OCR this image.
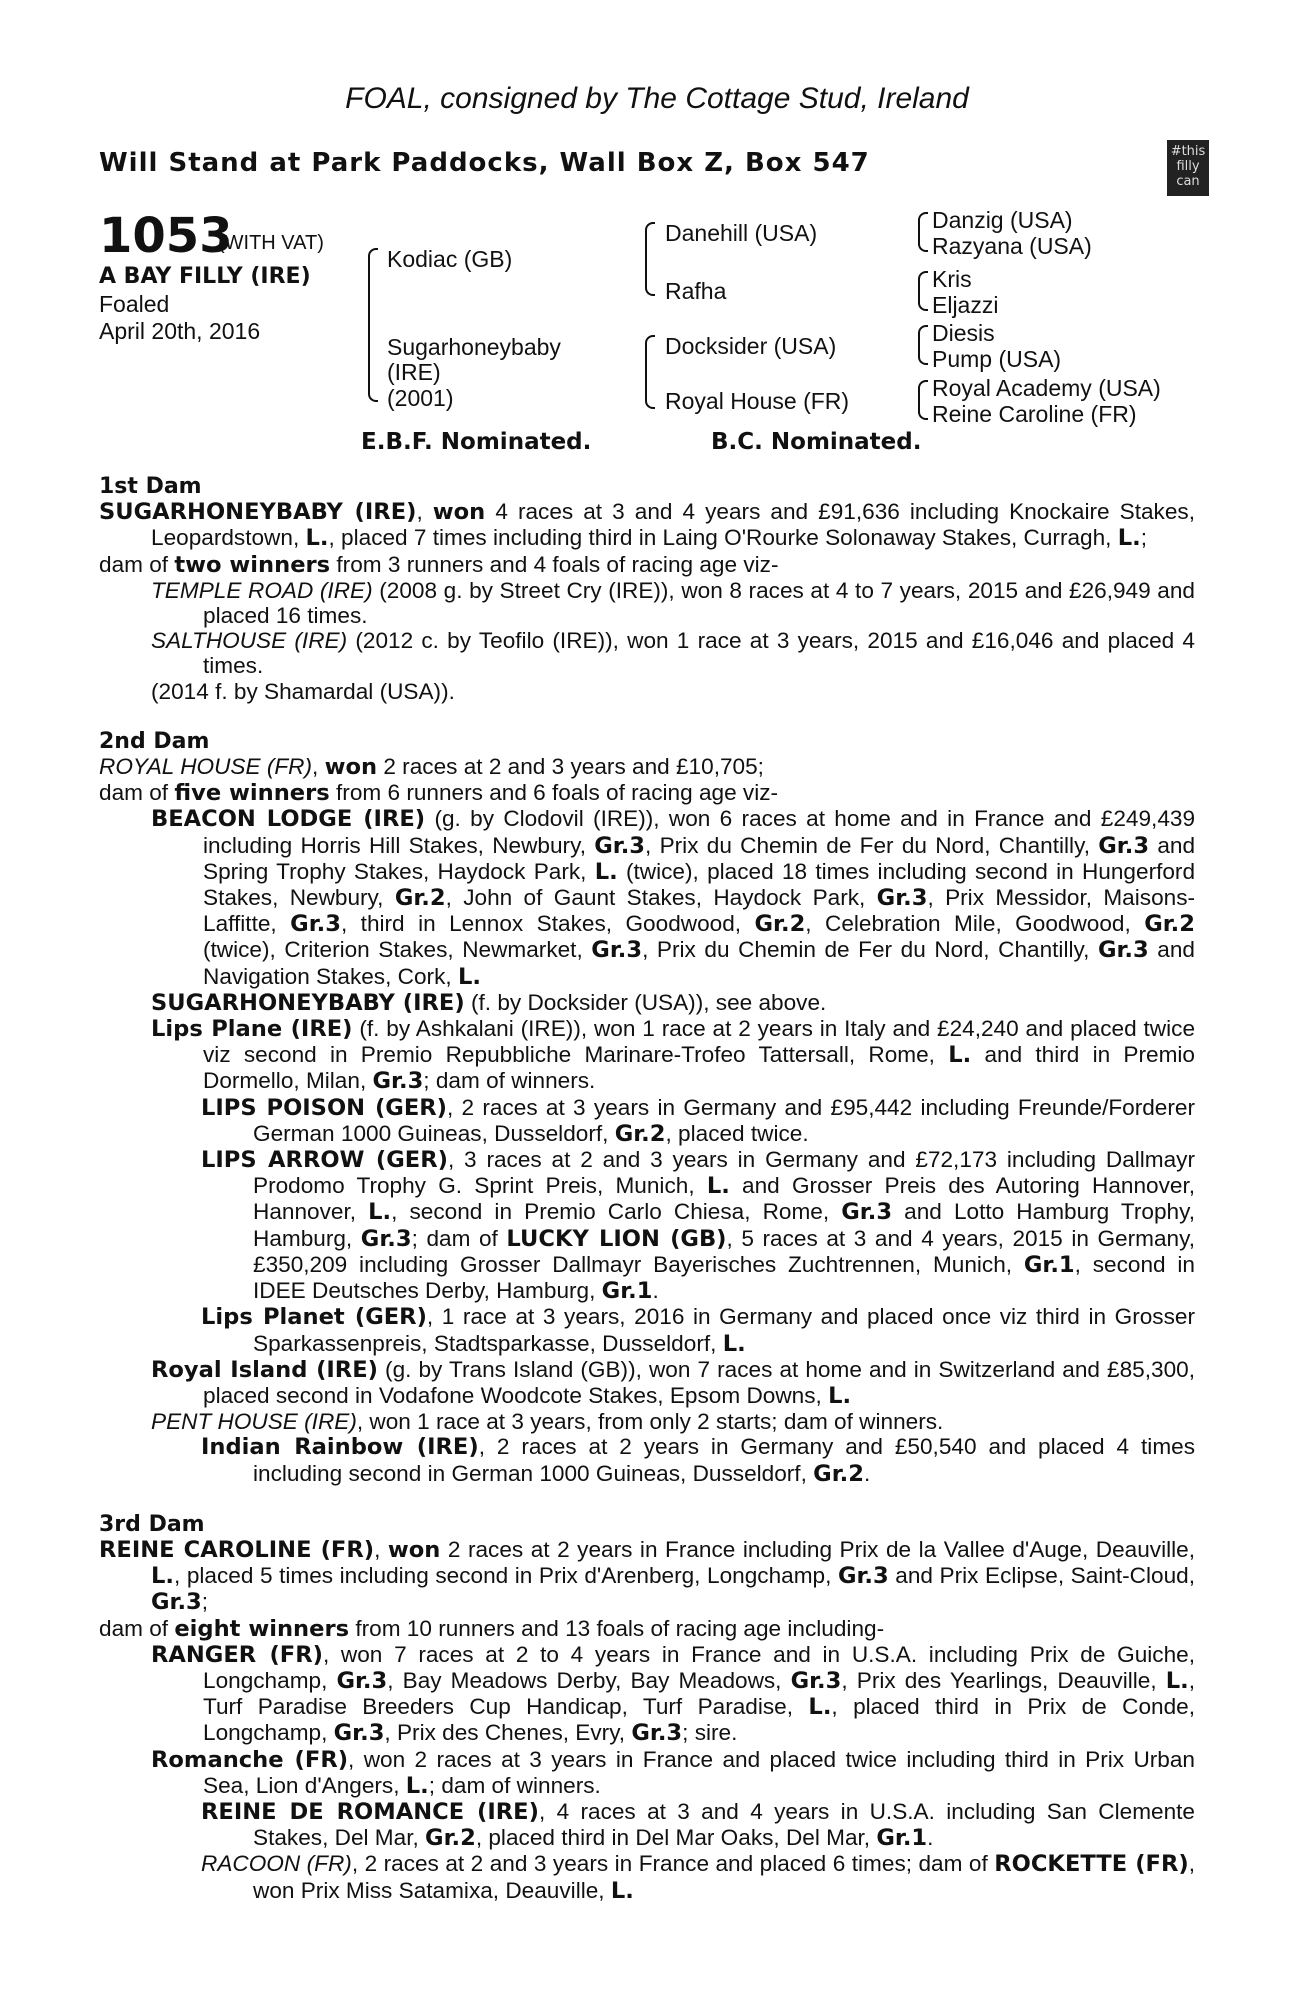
FOAL, consigned by The Cottage Stud, Ireland
Will Stand at Park Paddocks, Wall Box Z, Box 547	#this
filly
can
1053
(WITH VAT)
A BAY FILLY (IRE)
Foaled
April 20th, 2016
Kodiac (GB)
Sugarhoneybaby
(IRE)
(2001)
Danehill (USA)
Rafha
Docksider (USA)
Royal House (FR)
Danzig (USA)
Razyana (USA)
Kris
Eljazzi
Diesis
Pump (USA)
Royal Academy (USA)
Reine Caroline (FR)
E.B.F. Nominated.	B.C. Nominated.
1st Dam
SUGARHONEYBABY (IRE), won 4 races at 3 and 4 years and £91,636 including Knockaire Stakes, Leopardstown, L., placed 7 times including third in Laing O'Rourke Solonaway Stakes, Curragh, L.;
dam of two winners from 3 runners and 4 foals of racing age viz-
TEMPLE ROAD (IRE) (2008 g. by Street Cry (IRE)), won 8 races at 4 to 7 years, 2015 and £26,949 and placed 16 times.
SALTHOUSE (IRE) (2012 c. by Teofilo (IRE)), won 1 race at 3 years, 2015 and £16,046 and placed 4 times.
(2014 f. by Shamardal (USA)).
2nd Dam
ROYAL HOUSE (FR), won 2 races at 2 and 3 years and £10,705;
dam of five winners from 6 runners and 6 foals of racing age viz-
BEACON LODGE (IRE) (g. by Clodovil (IRE)), won 6 races at home and in France and £249,439 including Horris Hill Stakes, Newbury, Gr.3, Prix du Chemin de Fer du Nord, Chantilly, Gr.3 and Spring Trophy Stakes, Haydock Park, L. (twice), placed 18 times including second in Hungerford Stakes, Newbury, Gr.2, John of Gaunt Stakes, Haydock Park, Gr.3, Prix Messidor, Maisons-Laffitte, Gr.3, third in Lennox Stakes, Goodwood, Gr.2, Celebration Mile, Goodwood, Gr.2 (twice), Criterion Stakes, Newmarket, Gr.3, Prix du Chemin de Fer du Nord, Chantilly, Gr.3 and Navigation Stakes, Cork, L.
SUGARHONEYBABY (IRE) (f. by Docksider (USA)), see above.
Lips Plane (IRE) (f. by Ashkalani (IRE)), won 1 race at 2 years in Italy and £24,240 and placed twice viz second in Premio Repubbliche Marinare-Trofeo Tattersall, Rome, L. and third in Premio Dormello, Milan, Gr.3; dam of winners.
LIPS POISON (GER), 2 races at 3 years in Germany and £95,442 including Freunde/Forderer German 1000 Guineas, Dusseldorf, Gr.2, placed twice.
LIPS ARROW (GER), 3 races at 2 and 3 years in Germany and £72,173 including Dallmayr Prodomo Trophy G. Sprint Preis, Munich, L. and Grosser Preis des Autoring Hannover, Hannover, L., second in Premio Carlo Chiesa, Rome, Gr.3 and Lotto Hamburg Trophy, Hamburg, Gr.3; dam of LUCKY LION (GB), 5 races at 3 and 4 years, 2015 in Germany, £350,209 including Grosser Dallmayr Bayerisches Zuchtrennen, Munich, Gr.1, second in IDEE Deutsches Derby, Hamburg, Gr.1.
Lips Planet (GER), 1 race at 3 years, 2016 in Germany and placed once viz third in Grosser Sparkassenpreis, Stadtsparkasse, Dusseldorf, L.
Royal Island (IRE) (g. by Trans Island (GB)), won 7 races at home and in Switzerland and £85,300, placed second in Vodafone Woodcote Stakes, Epsom Downs, L.
PENT HOUSE (IRE), won 1 race at 3 years, from only 2 starts; dam of winners.
Indian Rainbow (IRE), 2 races at 2 years in Germany and £50,540 and placed 4 times including second in German 1000 Guineas, Dusseldorf, Gr.2.
3rd Dam
REINE CAROLINE (FR), won 2 races at 2 years in France including Prix de la Vallee d'Auge, Deauville, L., placed 5 times including second in Prix d'Arenberg, Longchamp, Gr.3 and Prix Eclipse, Saint-Cloud, Gr.3;
dam of eight winners from 10 runners and 13 foals of racing age including-
RANGER (FR), won 7 races at 2 to 4 years in France and in U.S.A. including Prix de Guiche, Longchamp, Gr.3, Bay Meadows Derby, Bay Meadows, Gr.3, Prix des Yearlings, Deauville, L., Turf Paradise Breeders Cup Handicap, Turf Paradise, L., placed third in Prix de Conde, Longchamp, Gr.3, Prix des Chenes, Evry, Gr.3; sire.
Romanche (FR), won 2 races at 3 years in France and placed twice including third in Prix Urban Sea, Lion d'Angers, L.; dam of winners.
REINE DE ROMANCE (IRE), 4 races at 3 and 4 years in U.S.A. including San Clemente Stakes, Del Mar, Gr.2, placed third in Del Mar Oaks, Del Mar, Gr.1.
RACOON (FR), 2 races at 2 and 3 years in France and placed 6 times; dam of ROCKETTE (FR), won Prix Miss Satamixa, Deauville, L.
